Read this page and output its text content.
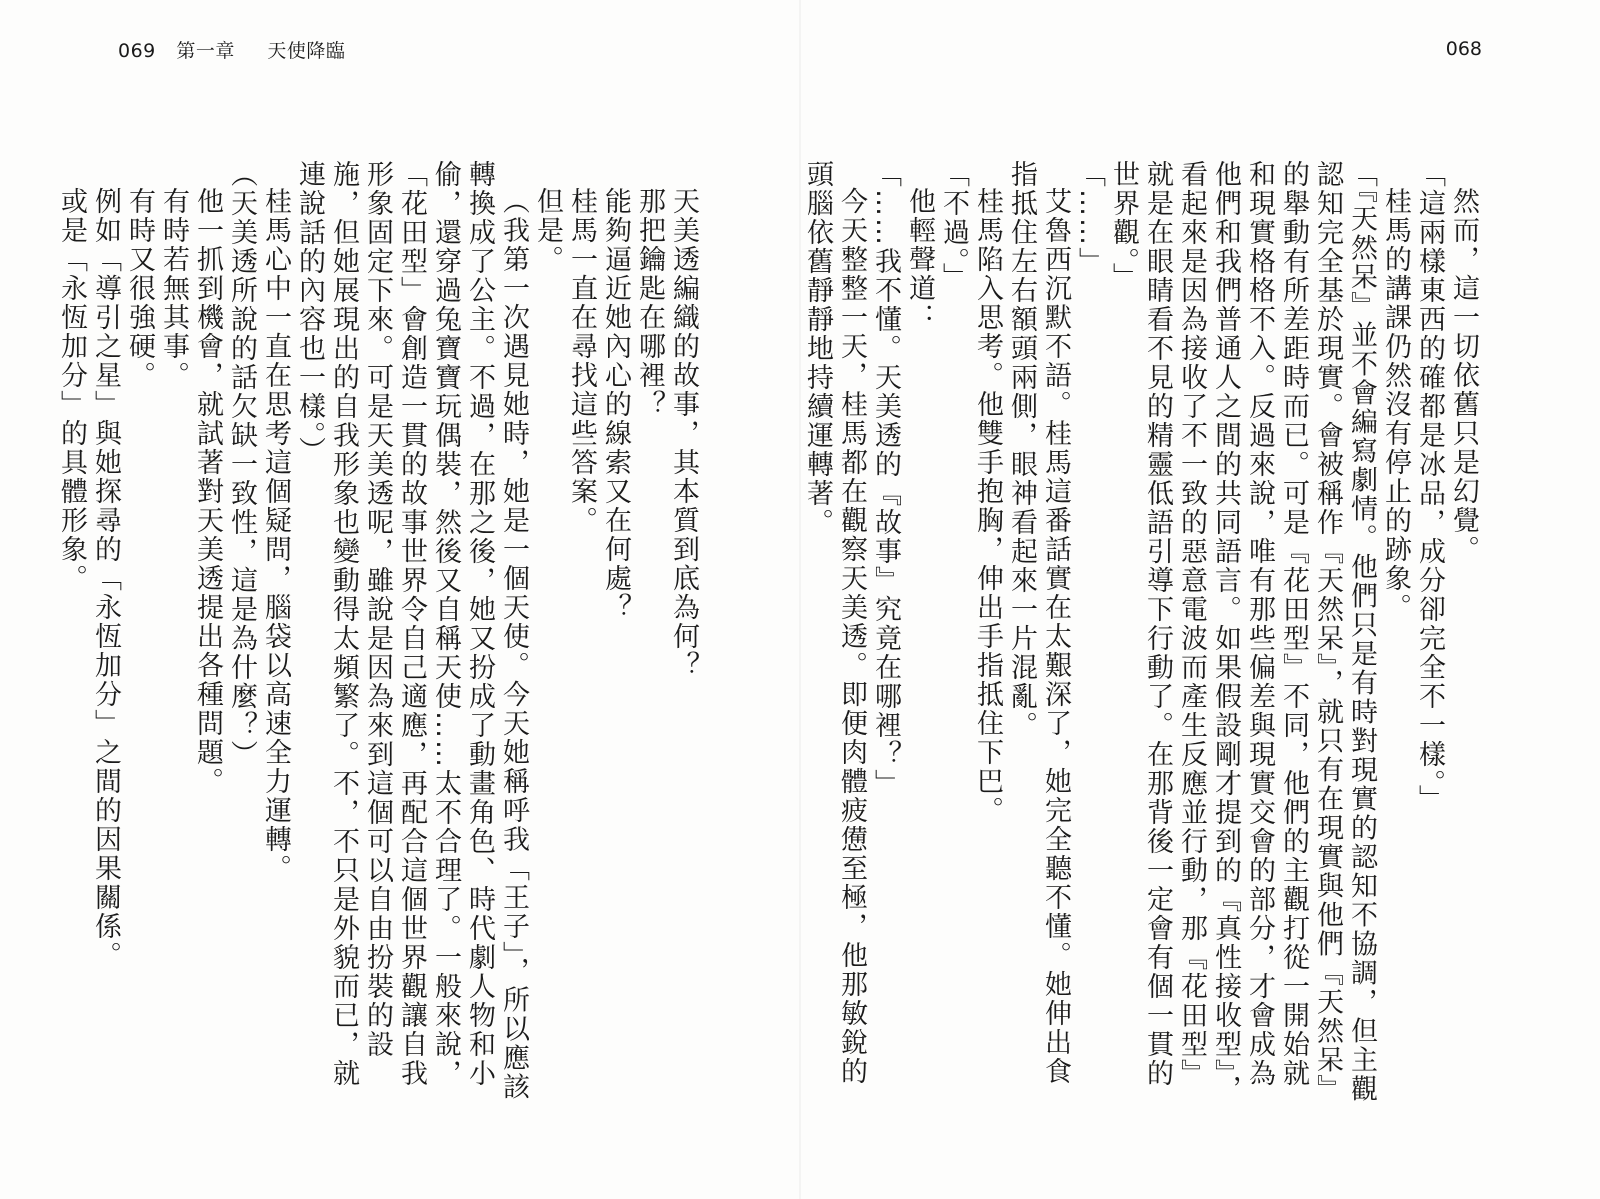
069 第一章 天使降臨	068

然而，這一切依舊只是幻覺。

「這兩樣東西的確都是冰品，成分卻完全不一樣。」

桂馬的講課仍然沒有停止的跡象。

「『天然呆』並不會編寫劇情。他們只是有時對現實的認知不協調，但主觀認知完全基於現實。會被稱作『天然呆』，就只有在現實與他們『天然呆』的舉動有所差距時而已。可是『花田型』不同，他們的主觀打從一開始就和現實格格不入。反過來說，唯有那些偏差與現實交會的部分，才會成為他們和我們普通人之間的共同語言。如果假設剛才提到的『真性接收型』，看起來是因為接收了不一致的惡意電波而產生反應並行動，那『花田型』就是在眼睛看不見的精靈低語引導下行動了。在那背後一定會有個一貫的世界觀。」

「……」

艾魯西沉默不語。桂馬這番話實在太艱深了，她完全聽不懂。她伸出食指抵住左右額頭兩側，眼神看起來一片混亂。

桂馬陷入思考。他雙手抱胸，伸出手指抵住下巴。

「不過。」

他輕聲道：

「……我不懂。天美透的『故事』究竟在哪裡？」

今天整整一天，桂馬都在觀察天美透。即便肉體疲憊至極，他那敏銳的頭腦依舊靜靜地持續運轉著。

天美透編織的故事，其本質到底為何？

那把鑰匙在哪裡？

能夠逼近她內心的線索又在何處？

桂馬一直在尋找這些答案。

但是。

（我第一次遇見她時，她是一個天使。今天她稱呼我「王子」，所以應該轉換成了公主。不過，在那之後，她又扮成了動畫角色、時代劇人物和小偷，還穿過兔寶寶玩偶裝，然後又自稱天使……太不合理了。一般來說，「花田型」會創造一貫的故事世界令自己適應，再配合這個世界觀讓自我形象固定下來。可是天美透呢，雖說是因為來到這個可以自由扮裝的設施，但她展現出的自我形象也變動得太頻繁了。不，不只是外貌而已，就連說話的內容也一樣。）

桂馬心中一直在思考這個疑問，腦袋以高速全力運轉。

（天美透所說的話欠缺一致性，這是為什麼？）

他一抓到機會，就試著對天美透提出各種問題。

有時若無其事。

有時又很強硬。

例如「導引之星」與她探尋的「永恆加分」之間的因果關係。

或是「永恆加分」的具體形象。
